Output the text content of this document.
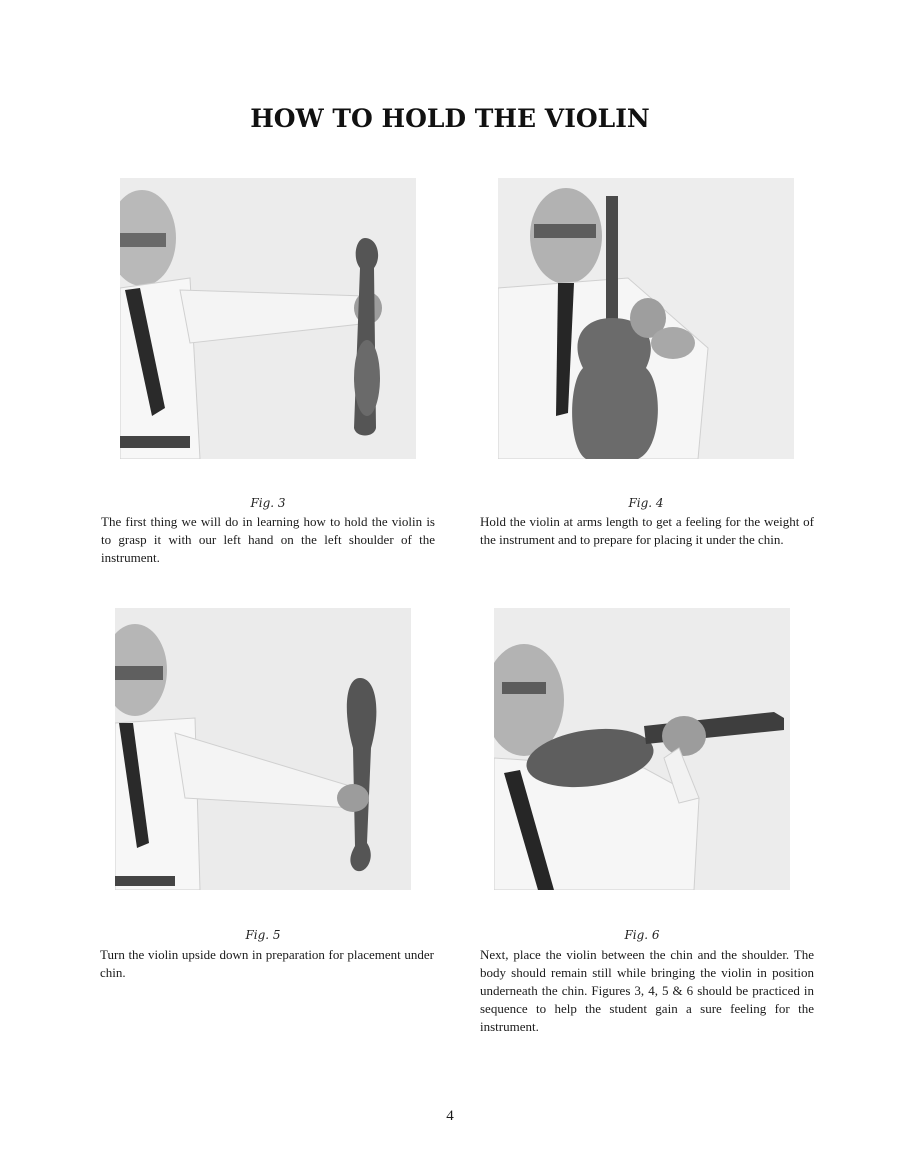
HOW TO HOLD THE VIOLIN
Fig. 3
The first thing we will do in learning how to hold the violin is to grasp it with our left hand on the left shoulder of the instrument.
Fig. 4
Hold the violin at arms length to get a feeling for the weight of the instrument and to prepare for placing it under the chin.
Fig. 5
Turn the violin upside down in preparation for placement under chin.
Fig. 6
Next, place the violin between the chin and the shoulder. The body should remain still while bringing the violin in position underneath the chin. Figures 3, 4, 5 & 6 should be practiced in sequence to help the student gain a sure feeling for the instrument.
4
